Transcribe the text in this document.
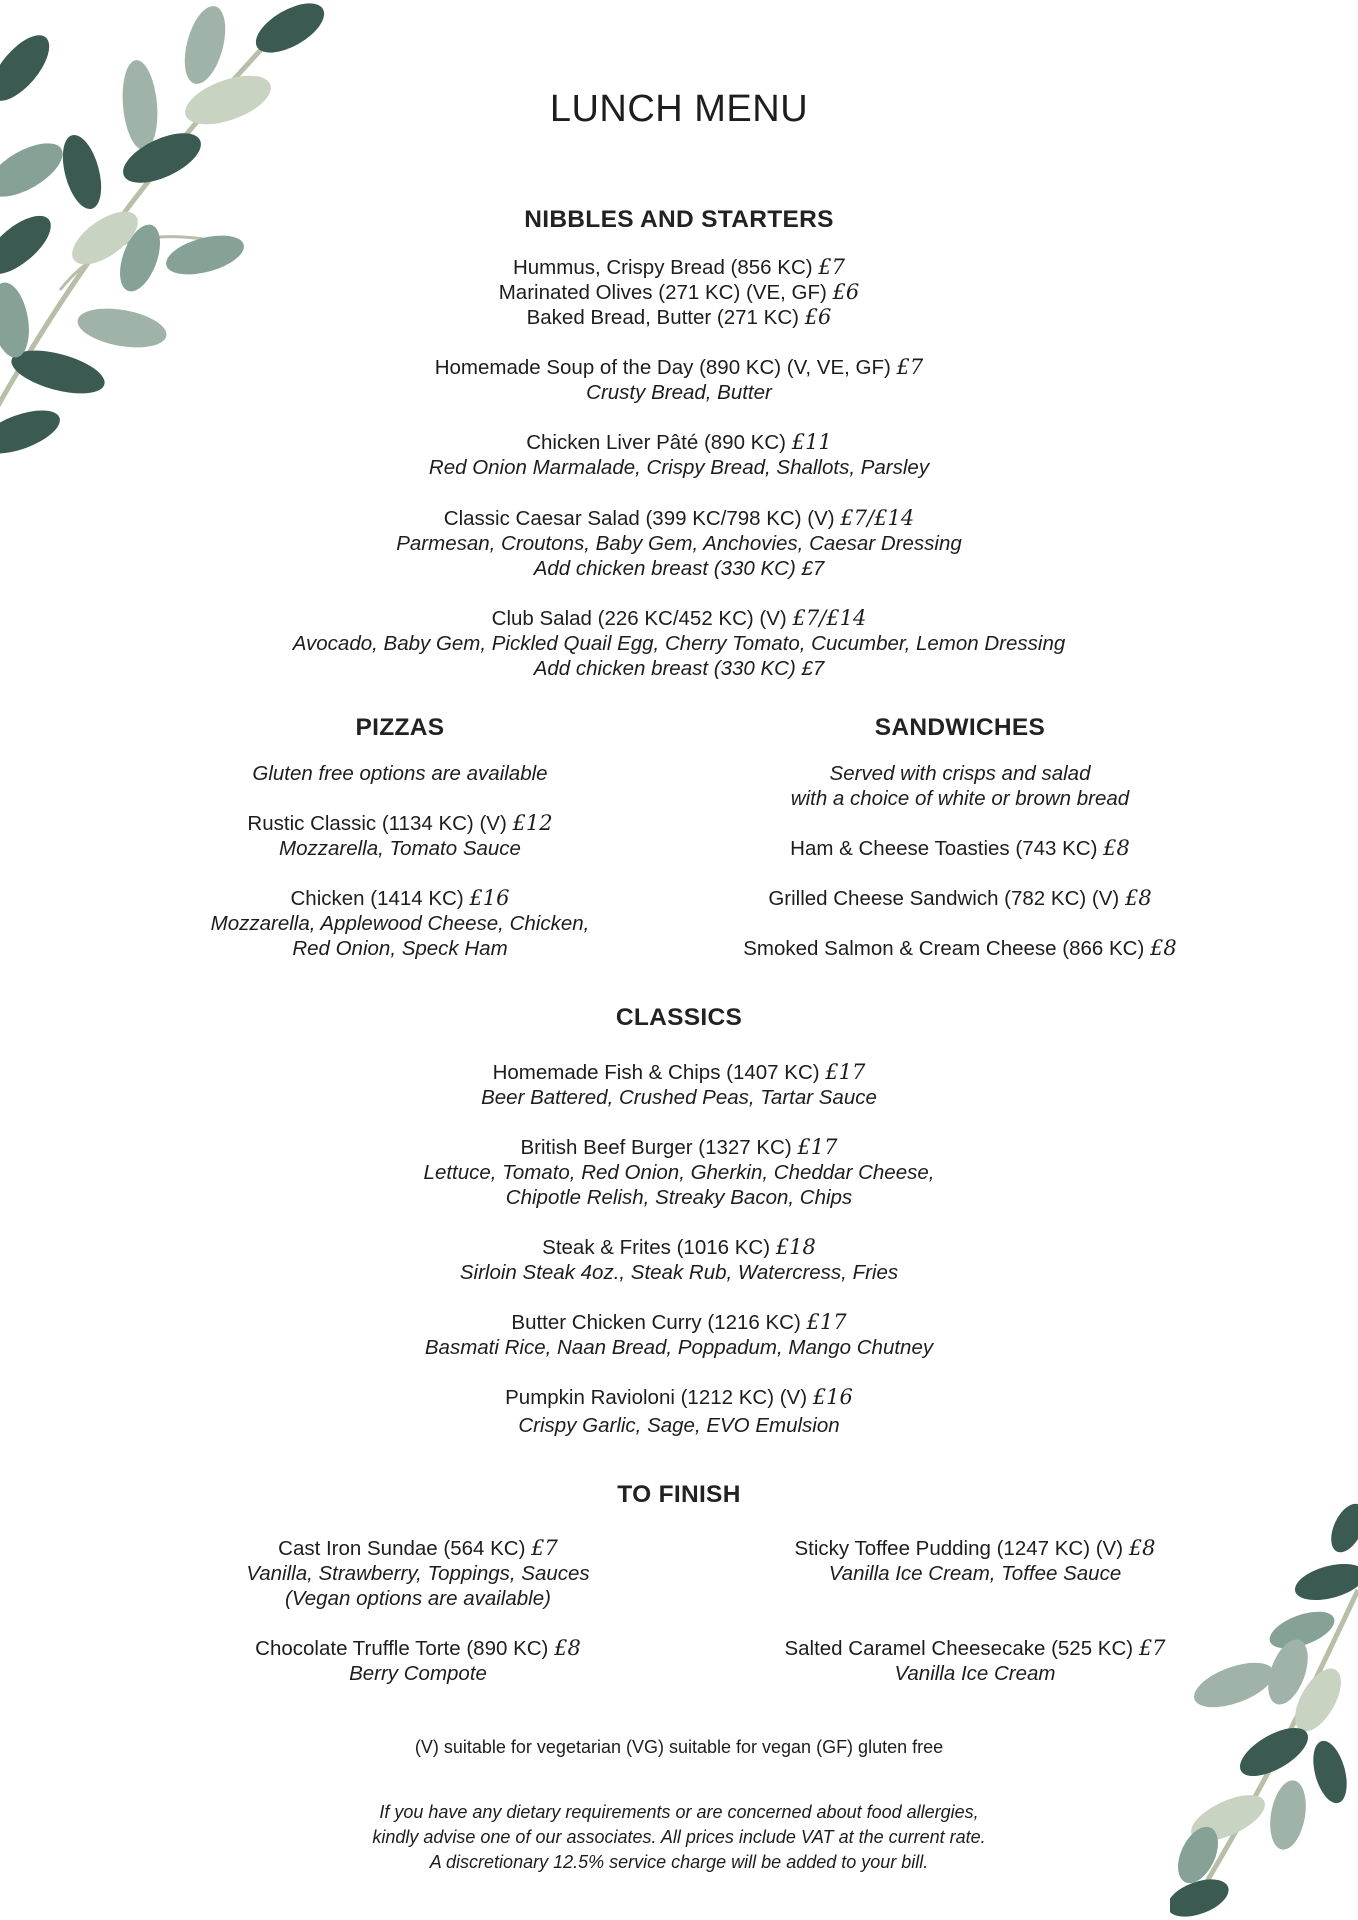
LUNCH MENU
NIBBLES AND STARTERS
Hummus, Crispy Bread (856 KC) £7
Marinated Olives (271 KC) (VE, GF) £6
Baked Bread, Butter (271 KC) £6
Homemade Soup of the Day (890 KC) (V, VE, GF) £7
Crusty Bread, Butter
Chicken Liver Pâté (890 KC) £11
Red Onion Marmalade, Crispy Bread, Shallots, Parsley
Classic Caesar Salad (399 KC/798 KC) (V) £7/£14
Parmesan, Croutons, Baby Gem, Anchovies, Caesar Dressing
Add chicken breast (330 KC) £7
Club Salad (226 KC/452 KC) (V) £7/£14
Avocado, Baby Gem, Pickled Quail Egg, Cherry Tomato, Cucumber, Lemon Dressing
Add chicken breast (330 KC) £7
PIZZAS
Gluten free options are available
Rustic Classic (1134 KC) (V) £12
Mozzarella, Tomato Sauce
Chicken (1414 KC) £16
Mozzarella, Applewood Cheese, Chicken,
Red Onion, Speck Ham
SANDWICHES
Served with crisps and salad
with a choice of white or brown bread
Ham & Cheese Toasties (743 KC) £8
Grilled Cheese Sandwich (782 KC) (V) £8
Smoked Salmon & Cream Cheese (866 KC) £8
CLASSICS
Homemade Fish & Chips (1407 KC) £17
Beer Battered, Crushed Peas, Tartar Sauce
British Beef Burger (1327 KC) £17
Lettuce, Tomato, Red Onion, Gherkin, Cheddar Cheese,
Chipotle Relish, Streaky Bacon, Chips
Steak & Frites (1016 KC) £18
Sirloin Steak 4oz., Steak Rub, Watercress, Fries
Butter Chicken Curry (1216 KC) £17
Basmati Rice, Naan Bread, Poppadum, Mango Chutney
Pumpkin Ravioloni (1212 KC) (V) £16
Crispy Garlic, Sage, EVO Emulsion
TO FINISH
Cast Iron Sundae (564 KC) £7
Vanilla, Strawberry, Toppings, Sauces
(Vegan options are available)
Chocolate Truffle Torte (890 KC) £8
Berry Compote
Sticky Toffee Pudding (1247 KC) (V) £8
Vanilla Ice Cream, Toffee Sauce
Salted Caramel Cheesecake (525 KC) £7
Vanilla Ice Cream
(V) suitable for vegetarian (VG) suitable for vegan (GF) gluten free
If you have any dietary requirements or are concerned about food allergies,
kindly advise one of our associates. All prices include VAT at the current rate.
A discretionary 12.5% service charge will be added to your bill.
